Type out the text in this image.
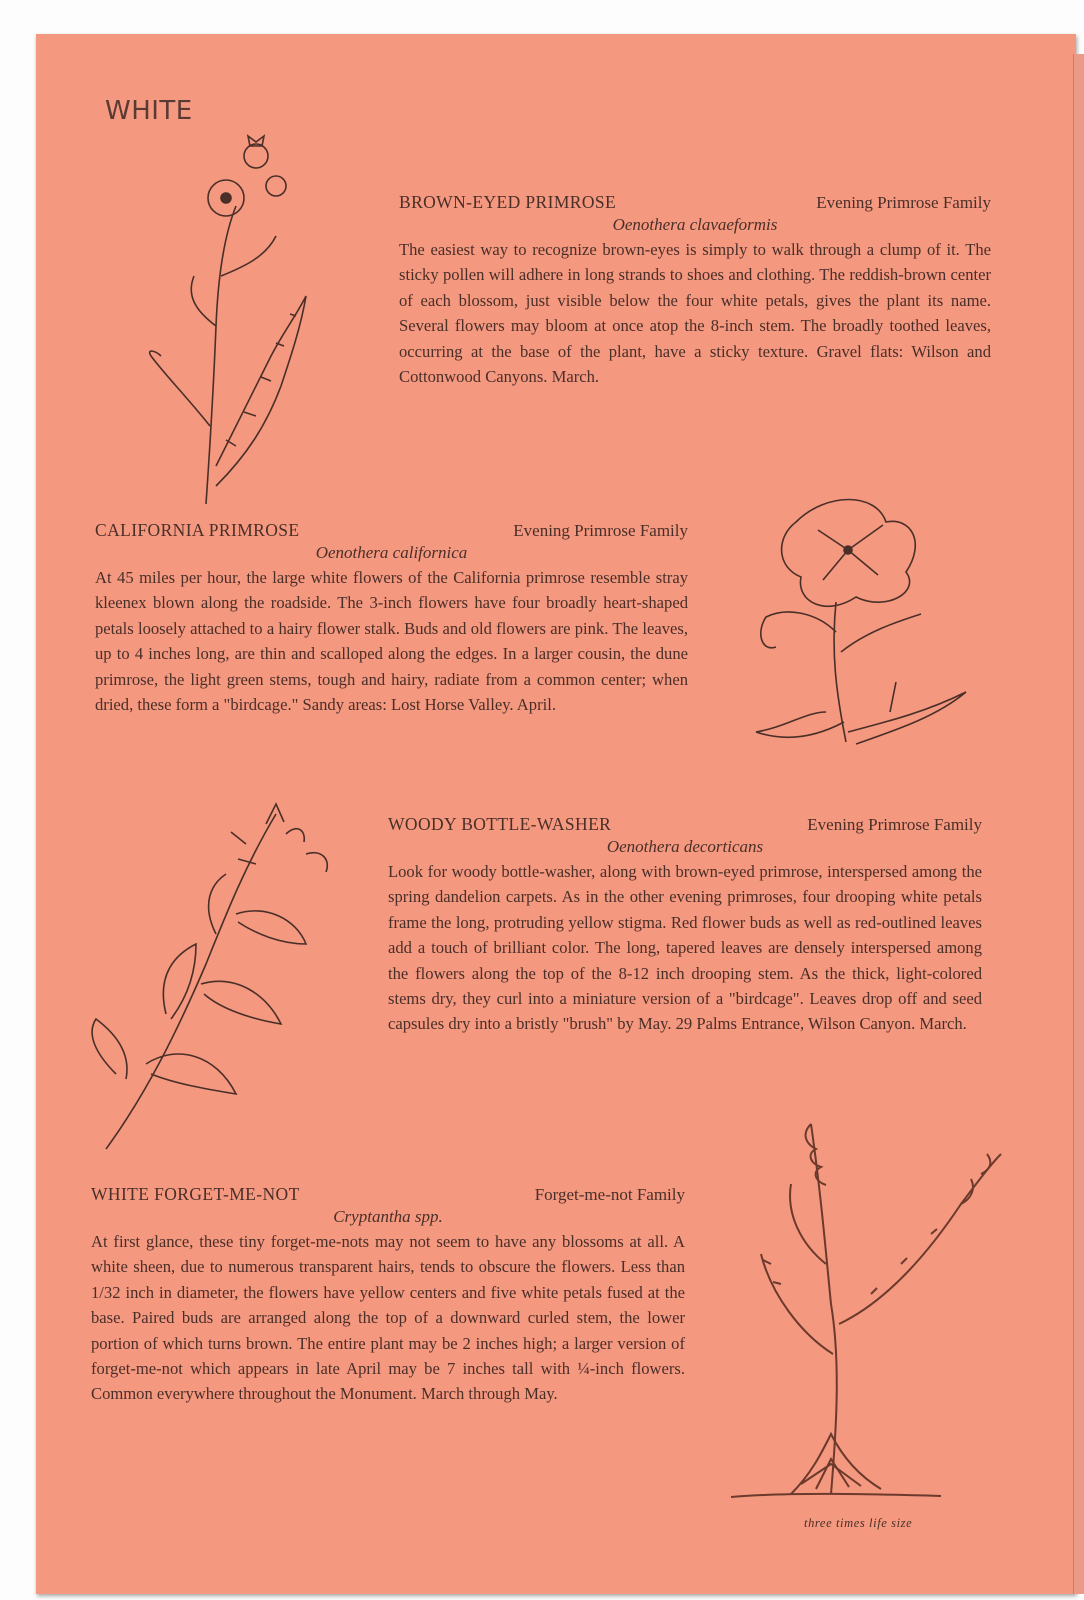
WHITE
BROWN-EYED PRIMROSE	Evening Primrose Family
Oenothera clavaeformis
The easiest way to recognize brown-eyes is simply to walk through a clump of it. The sticky pollen will adhere in long strands to shoes and clothing. The reddish-brown center of each blossom, just visible below the four white petals, gives the plant its name. Several flowers may bloom at once atop the 8-inch stem. The broadly toothed leaves, occurring at the base of the plant, have a sticky texture. Gravel flats: Wilson and Cottonwood Canyons. March.
CALIFORNIA PRIMROSE	Evening Primrose Family
Oenothera californica
At 45 miles per hour, the large white flowers of the California primrose resemble stray kleenex blown along the roadside. The 3-inch flowers have four broadly heart-shaped petals loosely attached to a hairy flower stalk. Buds and old flowers are pink. The leaves, up to 4 inches long, are thin and scalloped along the edges. In a larger cousin, the dune primrose, the light green stems, tough and hairy, radiate from a common center; when dried, these form a "birdcage." Sandy areas: Lost Horse Valley. April.
WOODY BOTTLE-WASHER	Evening Primrose Family
Oenothera decorticans
Look for woody bottle-washer, along with brown-eyed primrose, interspersed among the spring dandelion carpets. As in the other evening primroses, four drooping white petals frame the long, protruding yellow stigma. Red flower buds as well as red-outlined leaves add a touch of brilliant color. The long, tapered leaves are densely interspersed among the flowers along the top of the 8-12 inch drooping stem. As the thick, light-colored stems dry, they curl into a miniature version of a "birdcage". Leaves drop off and seed capsules dry into a bristly "brush" by May. 29 Palms Entrance, Wilson Canyon. March.
WHITE FORGET-ME-NOT	Forget-me-not Family
Cryptantha spp.
At first glance, these tiny forget-me-nots may not seem to have any blossoms at all. A white sheen, due to numerous transparent hairs, tends to obscure the flowers. Less than 1/32 inch in diameter, the flowers have yellow centers and five white petals fused at the base. Paired buds are arranged along the top of a downward curled stem, the lower portion of which turns brown. The entire plant may be 2 inches high; a larger version of forget-me-not which appears in late April may be 7 inches tall with ¼-inch flowers. Common everywhere throughout the Monument. March through May.
three times life size
